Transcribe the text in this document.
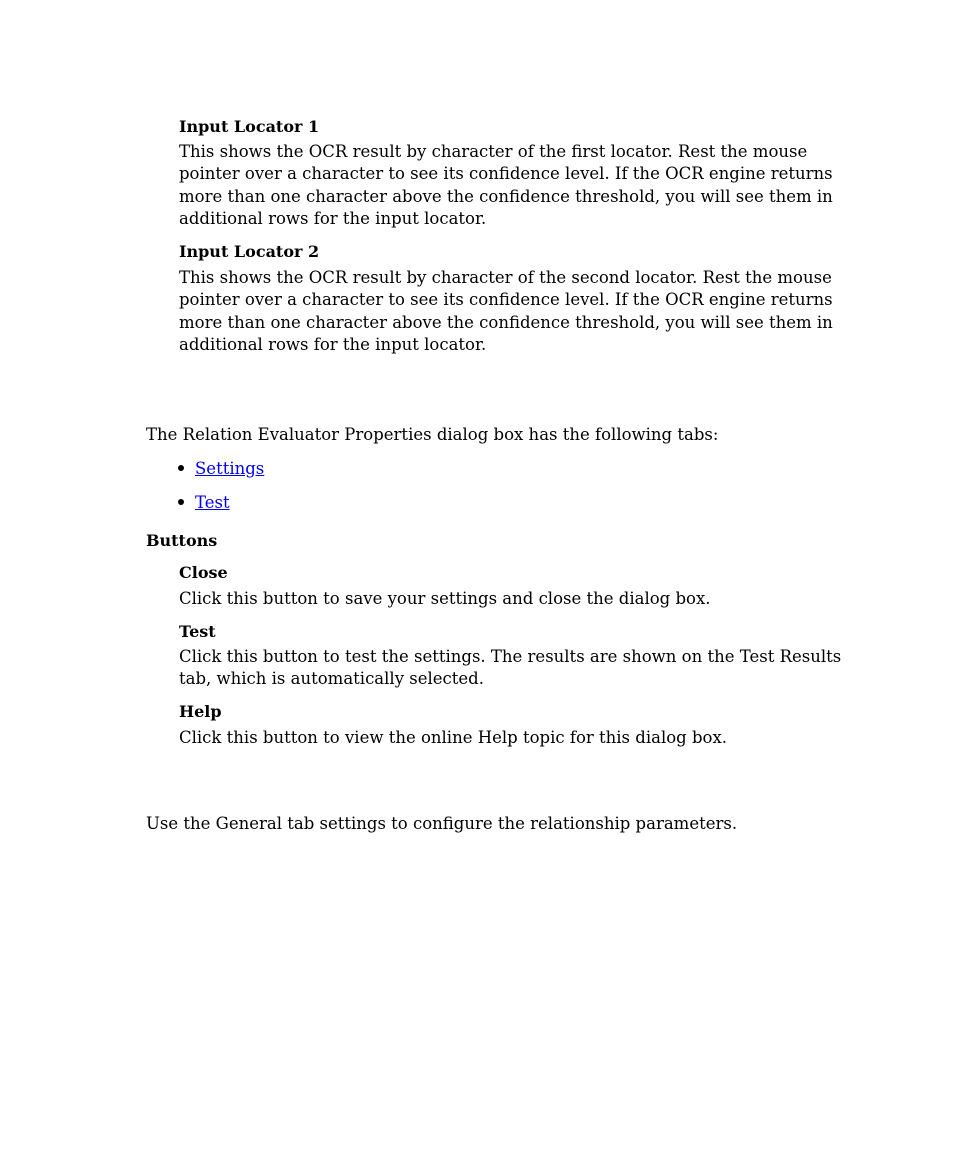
Input Locator 1
This shows the OCR result by character of the first locator. Rest the mouse
pointer over a character to see its confidence level. If the OCR engine returns
more than one character above the confidence threshold, you will see them in
additional rows for the input locator.
Input Locator 2
This shows the OCR result by character of the second locator. Rest the mouse
pointer over a character to see its confidence level. If the OCR engine returns
more than one character above the confidence threshold, you will see them in
additional rows for the input locator.
The Relation Evaluator Properties dialog box has the following tabs:
Settings
Test
Buttons
Close
Click this button to save your settings and close the dialog box.
Test
Click this button to test the settings. The results are shown on the Test Results
tab, which is automatically selected.
Help
Click this button to view the online Help topic for this dialog box.
Use the General tab settings to configure the relationship parameters.
